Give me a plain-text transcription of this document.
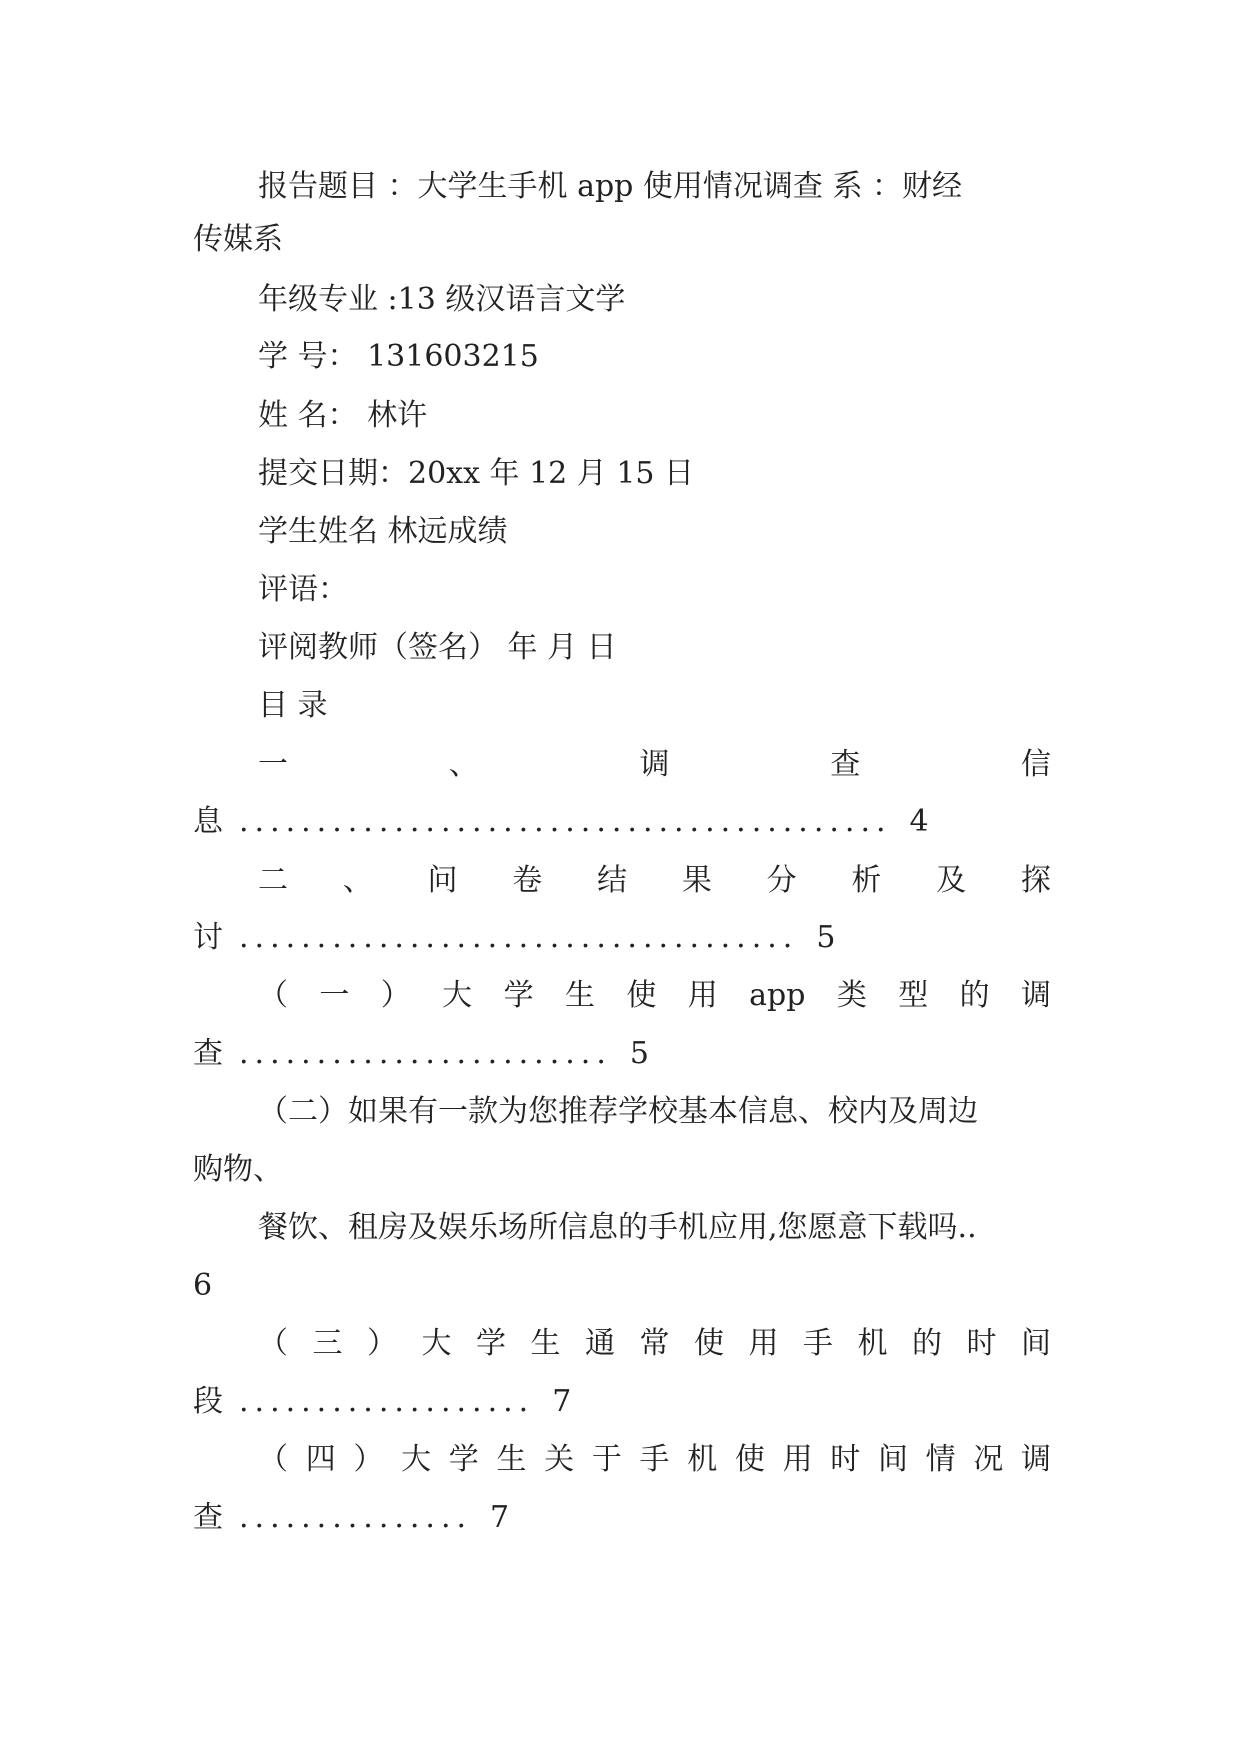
报告题目 ：大学生手机 app 使用情况调查 系 ：财经
传媒系
年级专业 :13 级汉语言文学
学 号： 131603215
姓 名： 林许
提交日期：20xx 年 12 月 15 日
学生姓名 林远成绩
评语：
评阅教师（签名） 年 月 日
目 录
一	、	调	查	信
息 .......................................... 4
二 、 问 卷 结 果 分 析 及 探
讨 .................................... 5
（ 一 ） 大 学 生 使 用 app 类 型 的 调
查 ........................ 5
（二）如果有一款为您推荐学校基本信息、校内及周边
购物、
餐饮、租房及娱乐场所信息的手机应用,您愿意下载吗..
6
（ 三 ） 大 学 生 通 常 使 用 手 机 的 时 间
段 ................... 7
（ 四 ） 大 学 生 关 于 手 机 使 用 时 间 情 况 调
查 ............... 7
